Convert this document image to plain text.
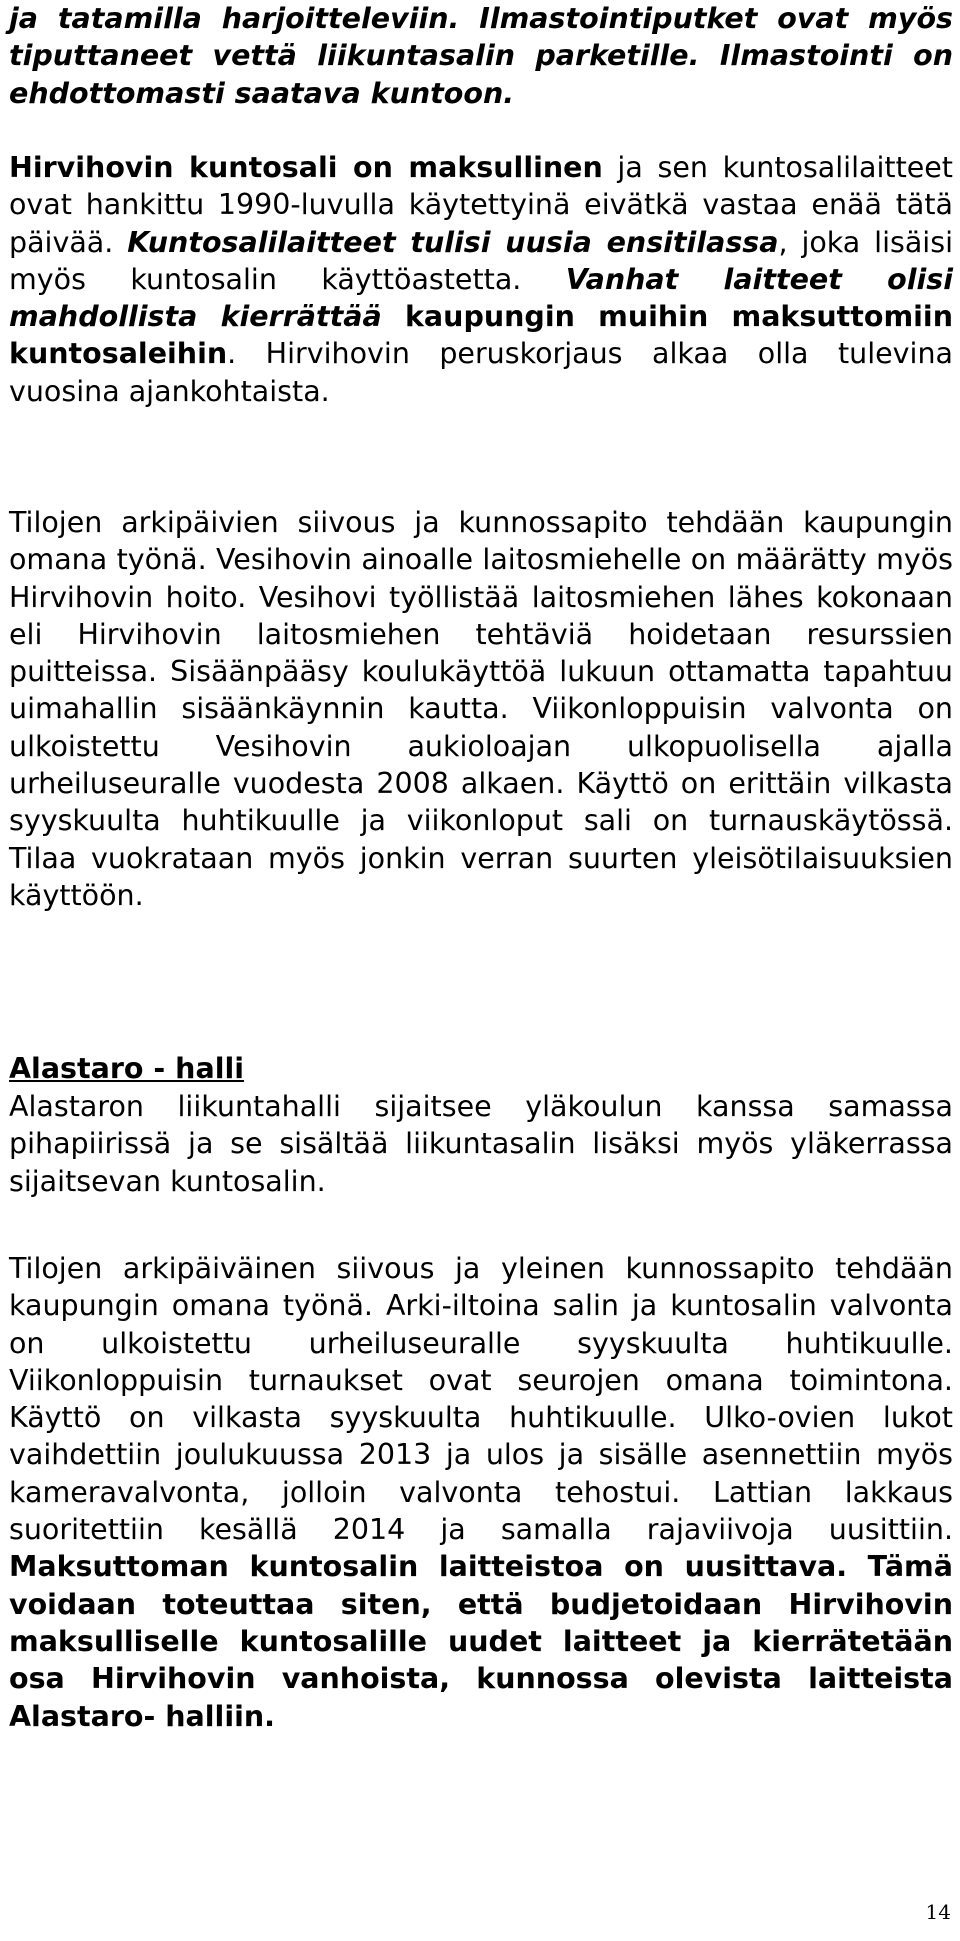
ja tatamilla harjoitteleviin. Ilmastointiputket ovat myös tiputtaneet vettä liikuntasalin parketille. Ilmastointi on ehdottomasti saatava kuntoon.

Hirvihovin kuntosali on maksullinen ja sen kuntosalilaitteet ovat hankittu 1990-luvulla käytettyinä eivätkä vastaa enää tätä päivää. Kuntosalilaitteet tulisi uusia ensitilassa, joka lisäisi myös kuntosalin käyttöastetta. Vanhat laitteet olisi mahdollista kierrättää kaupungin muihin maksuttomiin kuntosaleihin. Hirvihovin peruskorjaus alkaa olla tulevina vuosina ajankohtaista.

Tilojen arkipäivien siivous ja kunnossapito tehdään kaupungin omana työnä. Vesihovin ainoalle laitosmiehelle on määrätty myös Hirvihovin hoito. Vesihovi työllistää laitosmiehen lähes kokonaan eli Hirvihovin laitosmiehen tehtäviä hoidetaan resurssien puitteissa. Sisäänpääsy koulukäyttöä lukuun ottamatta tapahtuu uimahallin sisäänkäynnin kautta. Viikonloppuisin valvonta on ulkoistettu Vesihovin aukioloajan ulkopuolisella ajalla urheiluseuralle vuodesta 2008 alkaen. Käyttö on erittäin vilkasta syyskuulta huhtikuulle ja viikonloput sali on turnauskäytössä. Tilaa vuokrataan myös jonkin verran suurten yleisötilaisuuksien käyttöön.

Alastaro - halli

Alastaron liikuntahalli sijaitsee yläkoulun kanssa samassa pihapiirissä ja se sisältää liikuntasalin lisäksi myös yläkerrassa sijaitsevan kuntosalin.

Tilojen arkipäiväinen siivous ja yleinen kunnossapito tehdään kaupungin omana työnä. Arki-iltoina salin ja kuntosalin valvonta on ulkoistettu urheiluseuralle syyskuulta huhtikuulle. Viikonloppuisin turnaukset ovat seurojen omana toimintona. Käyttö on vilkasta syyskuulta huhtikuulle. Ulko-ovien lukot vaihdettiin joulukuussa 2013 ja ulos ja sisälle asennettiin myös kameravalvonta, jolloin valvonta tehostui. Lattian lakkaus suoritettiin kesällä 2014 ja samalla rajaviivoja uusittiin. Maksuttoman kuntosalin laitteistoa on uusittava. Tämä voidaan toteuttaa siten, että budjetoidaan Hirvihovin maksulliselle kuntosalille uudet laitteet ja kierrätetään osa Hirvihovin vanhoista, kunnossa olevista laitteista Alastaro- halliin.

14
